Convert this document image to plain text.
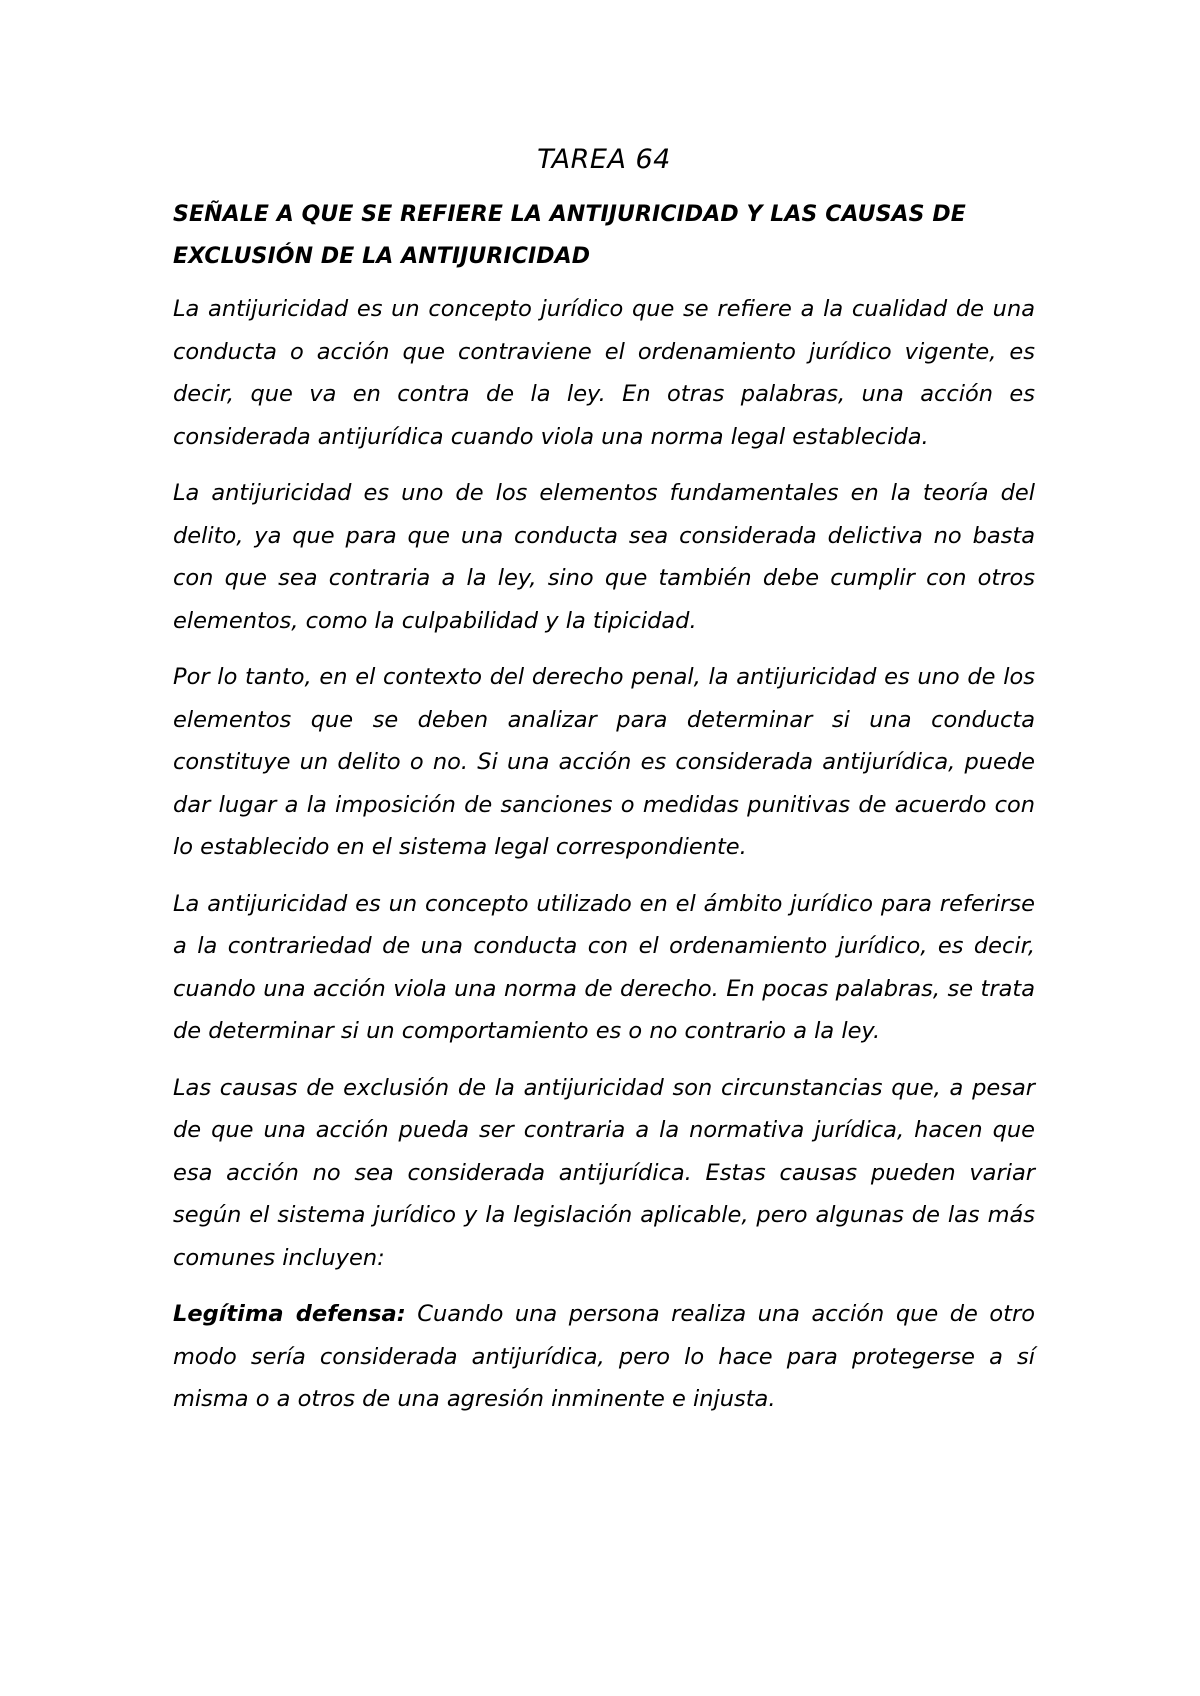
TAREA 64
SEÑALE A QUE SE REFIERE LA ANTIJURICIDAD Y LAS CAUSAS DE EXCLUSIÓN DE LA ANTIJURICIDAD

La antijuricidad es un concepto jurídico que se refiere a la cualidad de una conducta o acción que contraviene el ordenamiento jurídico vigente, es decir, que va en contra de la ley. En otras palabras, una acción es considerada antijurídica cuando viola una norma legal establecida.

La antijuricidad es uno de los elementos fundamentales en la teoría del delito, ya que para que una conducta sea considerada delictiva no basta con que sea contraria a la ley, sino que también debe cumplir con otros elementos, como la culpabilidad y la tipicidad.

Por lo tanto, en el contexto del derecho penal, la antijuricidad es uno de los elementos que se deben analizar para determinar si una conducta constituye un delito o no. Si una acción es considerada antijurídica, puede dar lugar a la imposición de sanciones o medidas punitivas de acuerdo con lo establecido en el sistema legal correspondiente.

La antijuricidad es un concepto utilizado en el ámbito jurídico para referirse a la contrariedad de una conducta con el ordenamiento jurídico, es decir, cuando una acción viola una norma de derecho. En pocas palabras, se trata de determinar si un comportamiento es o no contrario a la ley.

Las causas de exclusión de la antijuricidad son circunstancias que, a pesar de que una acción pueda ser contraria a la normativa jurídica, hacen que esa acción no sea considerada antijurídica. Estas causas pueden variar según el sistema jurídico y la legislación aplicable, pero algunas de las más comunes incluyen:

Legítima defensa: Cuando una persona realiza una acción que de otro modo sería considerada antijurídica, pero lo hace para protegerse a sí misma o a otros de una agresión inminente e injusta.
